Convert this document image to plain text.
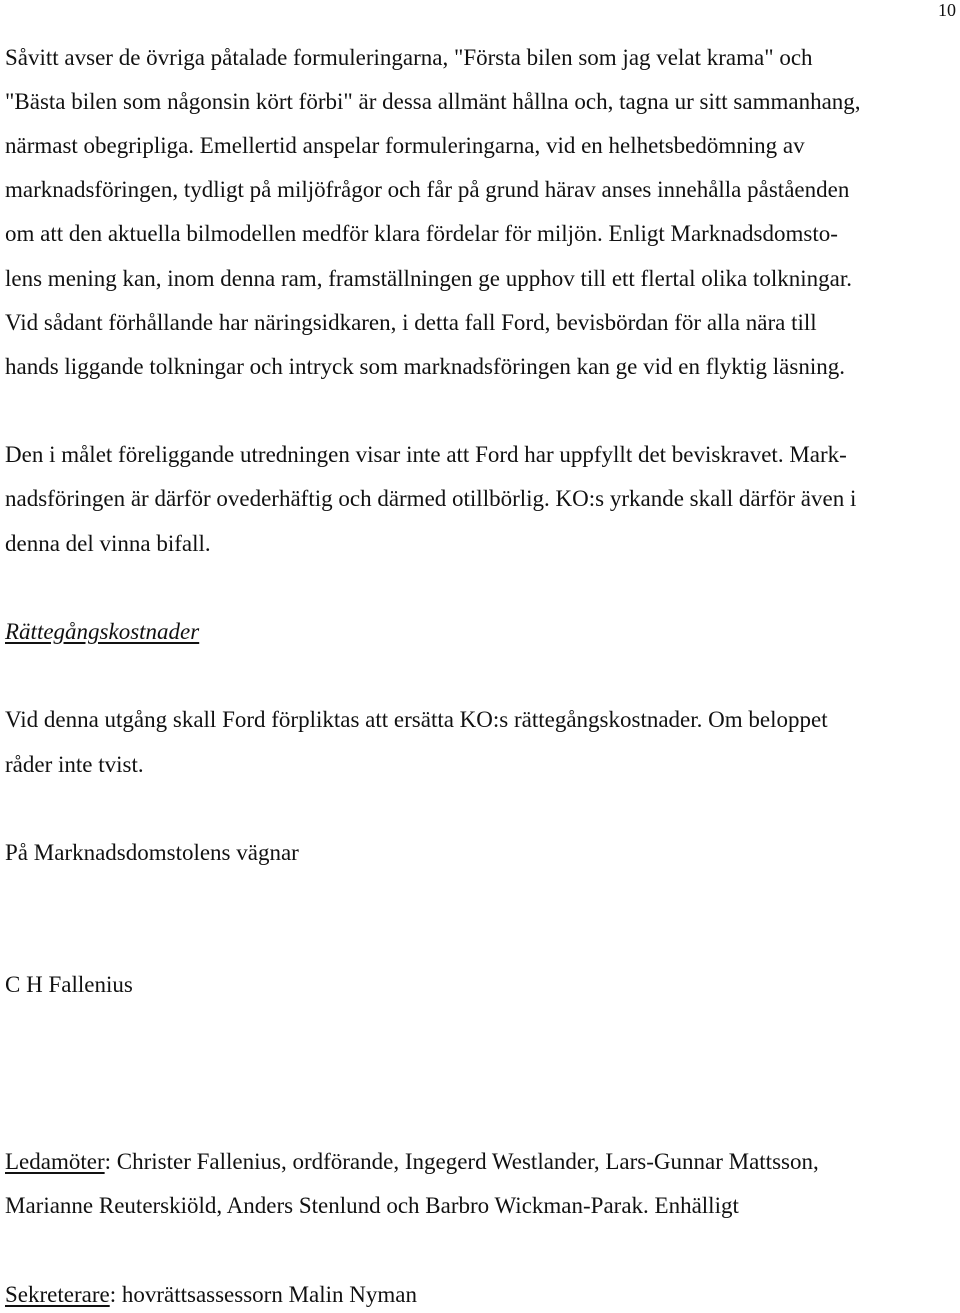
10
Såvitt avser de övriga påtalade formuleringarna, "Första bilen som jag velat krama" och
"Bästa bilen som någonsin kört förbi" är dessa allmänt hållna och, tagna ur sitt sammanhang,
närmast obegripliga. Emellertid anspelar formuleringarna, vid en helhetsbedömning av
marknadsföringen, tydligt på miljöfrågor och får på grund härav anses innehålla påståenden
om att den aktuella bilmodellen medför klara fördelar för miljön. Enligt Marknadsdomsto-
lens mening kan, inom denna ram, framställningen ge upphov till ett flertal olika tolkningar.
Vid sådant förhållande har näringsidkaren, i detta fall Ford, bevisbördan för alla nära till
hands liggande tolkningar och intryck som marknadsföringen kan ge vid en flyktig läsning.
Den i målet föreliggande utredningen visar inte att Ford har uppfyllt det beviskravet. Mark-
nadsföringen är därför ovederhäftig och därmed otillbörlig. KO:s yrkande skall därför även i
denna del vinna bifall.
Rättegångskostnader
Vid denna utgång skall Ford förpliktas att ersätta KO:s rättegångskostnader. Om beloppet
råder inte tvist.
På Marknadsdomstolens vägnar
C H Fallenius
Ledamöter: Christer Fallenius, ordförande, Ingegerd Westlander, Lars-Gunnar Mattsson,
Marianne Reuterskiöld, Anders Stenlund och Barbro Wickman-Parak. Enhälligt
Sekreterare: hovrättsassessorn Malin Nyman
